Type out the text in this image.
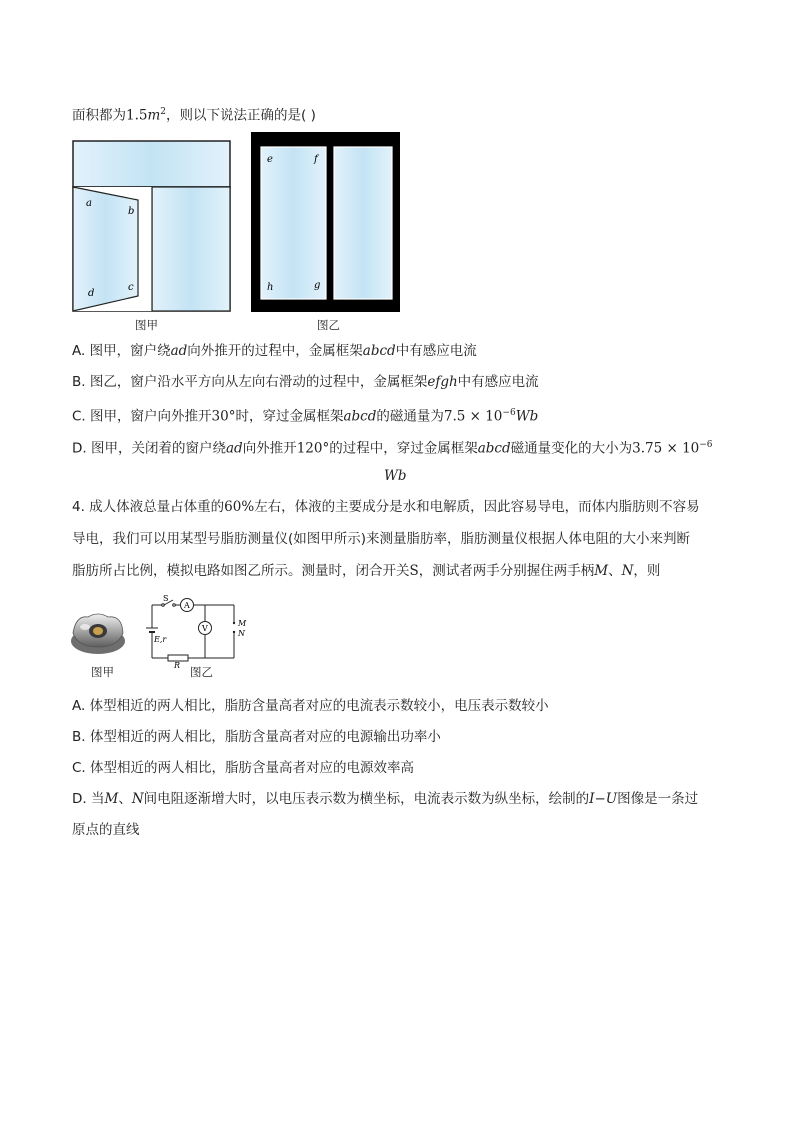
面积都为$1.5m^2$，则以下说法正确的是( )
a
b
c
d
图甲
e	f
g
h
图乙
A. 图甲，窗户绕ad向外推开的过程中，金属框架abcd中有感应电流
B. 图乙，窗户沿水平方向从左向右滑动的过程中，金属框架efgh中有感应电流
C. 图甲，窗户向外推开30°时，穿过金属框架abcd的磁通量为$7.5 \times 10^{-6}Wb$
D. 图甲，关闭着的窗户绕ad向外推开120°的过程中，穿过金属框架abcd磁通量变化的大小为$3.75 \times 10^{-6}$
Wb
4. 成人体液总量占体重的60%左右，体液的主要成分是水和电解质，因此容易导电，而体内脂肪则不容易
导电，我们可以用某型号脂肪测量仪(如图甲所示)来测量脂肪率，脂肪测量仪根据人体电阻的大小来判断
脂肪所占比例，模拟电路如图乙所示。测量时，闭合开关S，测试者两手分别握住两手柄M、N，则
图甲
S
A
V
E,r
R
M
N
图乙
A. 体型相近的两人相比，脂肪含量高者对应的电流表示数较小，电压表示数较小
B. 体型相近的两人相比，脂肪含量高者对应的电源输出功率小
C. 体型相近的两人相比，脂肪含量高者对应的电源效率高
D. 当M、N间电阻逐渐增大时，以电压表示数为横坐标，电流表示数为纵坐标，绘制的I−U图像是一条过
原点的直线
